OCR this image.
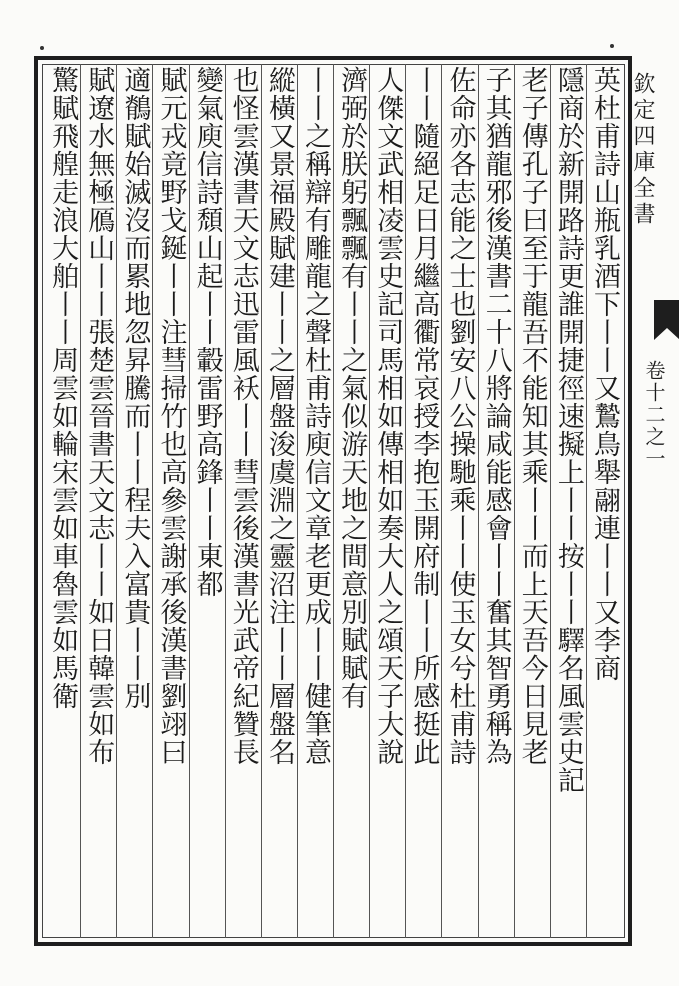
欽定四庫全書
卷十二之一
英杜甫詩山瓶乳酒下丨丨又鷙鳥舉翮連丨丨又李商
隱商於新開路詩更誰開捷徑速擬上丨丨按丨丨驛名風雲史記
老子傳孔子曰至于龍吾不能知其乘丨丨而上天吾今日見老
子其猶龍邪後漢書二十八將論咸能感會丨丨奮其智勇稱為
佐命亦各志能之士也劉安八公操馳乘丨丨使玉女兮杜甫詩
丨丨隨絕足日月繼高衢常哀授李抱玉開府制丨丨所感挺此
人傑文武相凌雲史記司馬相如傳相如奏大人之頌天子大說
濟弼於朕躬飄飄有丨丨之氣似游天地之間意別賦賦有
丨丨之稱辯有雕龍之聲杜甫詩庾信文章老更成丨丨健筆意
縱橫又景福殿賦建丨丨之層盤浚虞淵之靈沼注丨丨層盤名
也怪雲漢書天文志迅雷風袄丨丨彗雲後漢書光武帝紀贊長
變氣庾信詩頹山起丨丨轂雷野高鋒丨丨東都
賦元戎竟野戈鋋丨丨注彗掃竹也高參雲謝承後漢書劉翊曰
適鶺賦始滅沒而累地忽昇騰而丨丨程夫入富貴丨丨別
賦遼水無極鴈山丨丨張楚雲晉書天文志丨丨如日韓雲如布
驚賦飛艎走浪大舶丨丨周雲如輪宋雲如車魯雲如馬衛
